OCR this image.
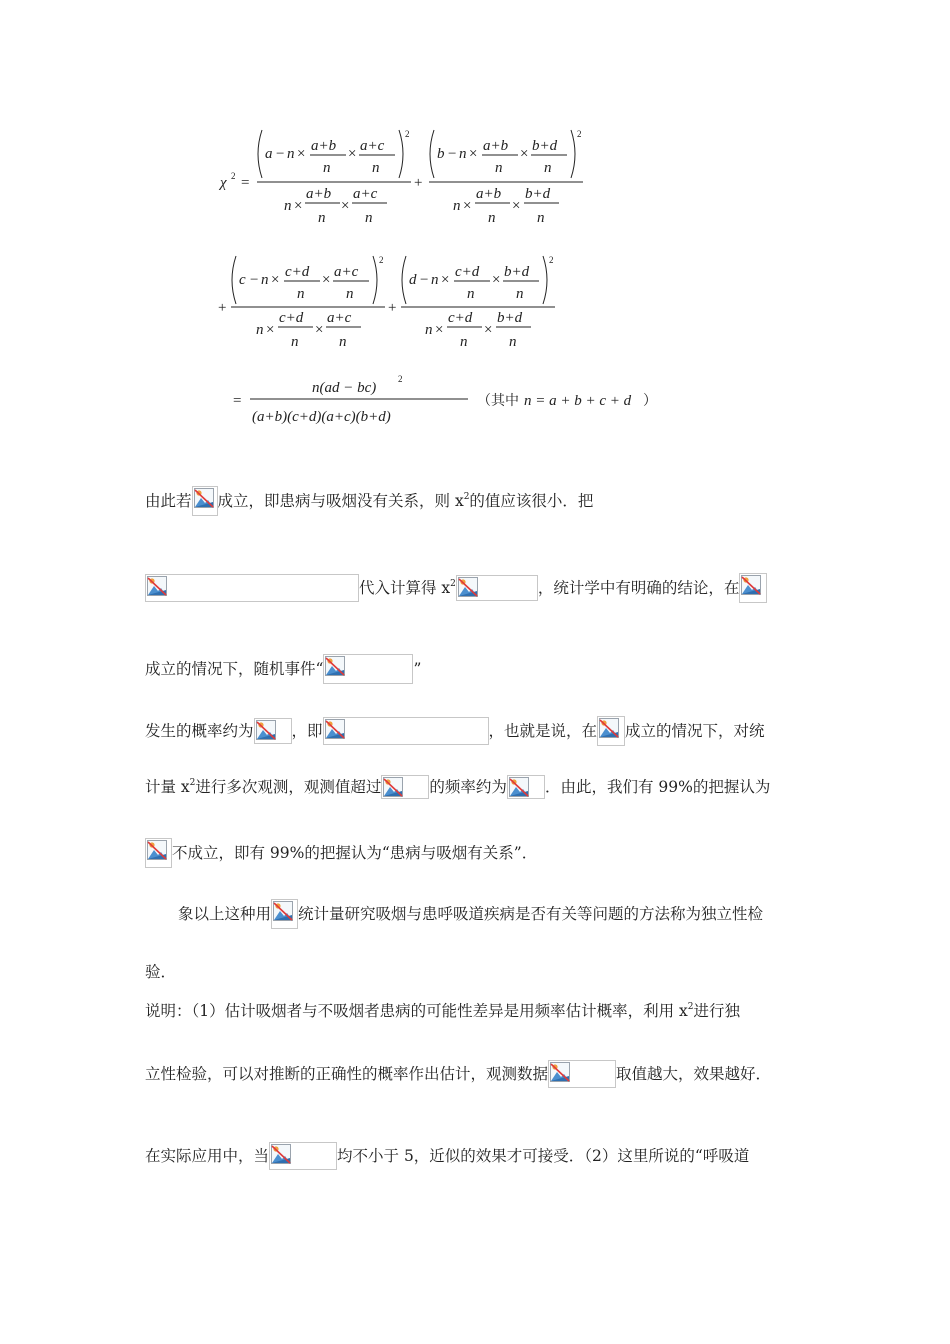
χ 2 =
a − n × a+b
n
× a+c
n
2
n ×
a+b
n
×
a+c
n
+
b − n × a+b
n
× b+d
n
2
n ×
a+b
n
×
b+d
n
+
c − n × c+d
n
× a+c
n
2
n ×
c+d
n
×
a+c
n
+
d − n × c+d
n
× b+d
n
2
n ×
c+d
n
×
b+d
n
=
n(ad − bc)
2
(a+b)(c+d)(a+c)(b+d)
（其中 n = a + b + c + d ）
由此若 成立，即患病与吸烟没有关系，则 $x^2$的值应该很小．把
代入计算得 $x^2$	，统计学中有明确的结论，在
成立的情况下，随机事件“	”
发生的概率约为 ，即	，也就是说，在 成立的情况下，对统
计量 $x^2$进行多次观测，观测值超过	的频率约为 ．由此，我们有 99%的把握认为
不成立，即有 99%的把握认为“患病与吸烟有关系”．
象以上这种用 统计量研究吸烟与患呼吸道疾病是否有关等问题的方法称为独立性检
验．
说明：（1）估计吸烟者与不吸烟者患病的可能性差异是用频率估计概率，利用 $x^2$进行独
立性检验，可以对推断的正确性的概率作出估计，观测数据	取值越大，效果越好．
在实际应用中，当	均不小于 5，近似的效果才可接受．（2）这里所说的“呼吸道
